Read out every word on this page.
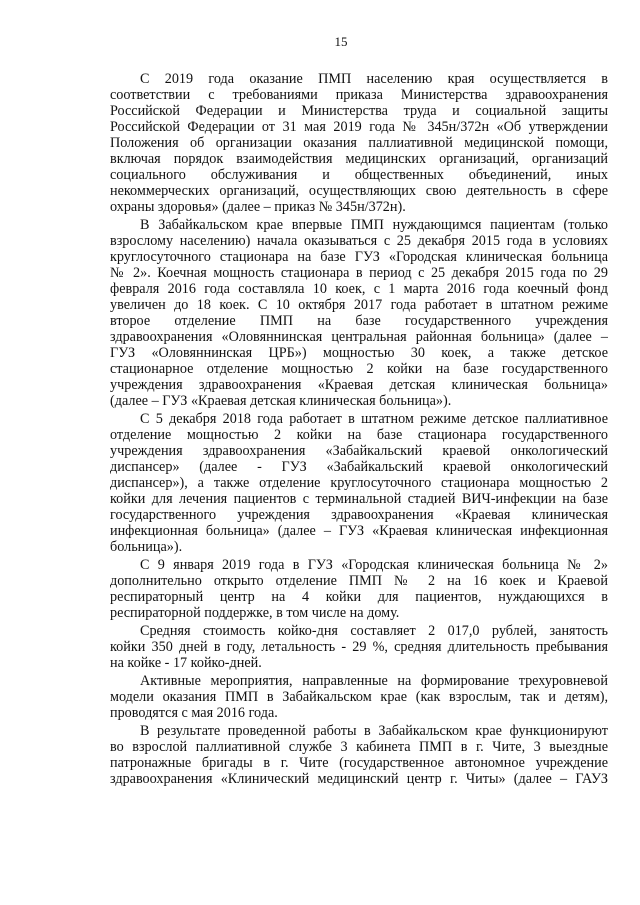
15
С 2019 года оказание ПМП населению края осуществляется в
соответствии с требованиями приказа Министерства здравоохранения
Российской Федерации и Министерства труда и социальной защиты
Российской Федерации от 31 мая 2019 года № 345н/372н «Об утверждении
Положения об организации оказания паллиативной медицинской помощи,
включая порядок взаимодействия медицинских организаций, организаций
социального обслуживания и общественных объединений, иных
некоммерческих организаций, осуществляющих свою деятельность в сфере
охраны здоровья» (далее – приказ № 345н/372н).
В Забайкальском крае впервые ПМП нуждающимся пациентам (только
взрослому населению) начала оказываться с 25 декабря 2015 года в условиях
круглосуточного стационара на базе ГУЗ «Городская клиническая больница
№ 2». Коечная мощность стационара в период с 25 декабря 2015 года по 29
февраля 2016 года составляла 10 коек, с 1 марта 2016 года коечный фонд
увеличен до 18 коек. С 10 октября 2017 года работает в штатном режиме
второе отделение ПМП на базе государственного учреждения
здравоохранения «Оловяннинская центральная районная больница» (далее –
ГУЗ «Оловяннинская ЦРБ») мощностью 30 коек, а также детское
стационарное отделение мощностью 2 койки на базе государственного
учреждения здравоохранения «Краевая детская клиническая больница»
(далее – ГУЗ «Краевая детская клиническая больница»).
С 5 декабря 2018 года работает в штатном режиме детское паллиативное
отделение мощностью 2 койки на базе стационара государственного
учреждения здравоохранения «Забайкальский краевой онкологический
диспансер» (далее - ГУЗ «Забайкальский краевой онкологический
диспансер»), а также отделение круглосуточного стационара мощностью 2
койки для лечения пациентов с терминальной стадией ВИЧ-инфекции на базе
государственного учреждения здравоохранения «Краевая клиническая
инфекционная больница» (далее – ГУЗ «Краевая клиническая инфекционная
больница»).
С 9 января 2019 года в ГУЗ «Городская клиническая больница № 2»
дополнительно открыто отделение ПМП № 2 на 16 коек и Краевой
респираторный центр на 4 койки для пациентов, нуждающихся в
респираторной поддержке, в том числе на дому.
Средняя стоимость койко-дня составляет 2 017,0 рублей, занятость
койки 350 дней в году, летальность - 29 %, средняя длительность пребывания
на койке - 17 койко-дней.
Активные мероприятия, направленные на формирование трехуровневой
модели оказания ПМП в Забайкальском крае (как взрослым, так и детям),
проводятся с мая 2016 года.
В результате проведенной работы в Забайкальском крае функционируют
во взрослой паллиативной службе 3 кабинета ПМП в г. Чите, 3 выездные
патронажные бригады в г. Чите (государственное автономное учреждение
здравоохранения «Клинический медицинский центр г. Читы» (далее – ГАУЗ
